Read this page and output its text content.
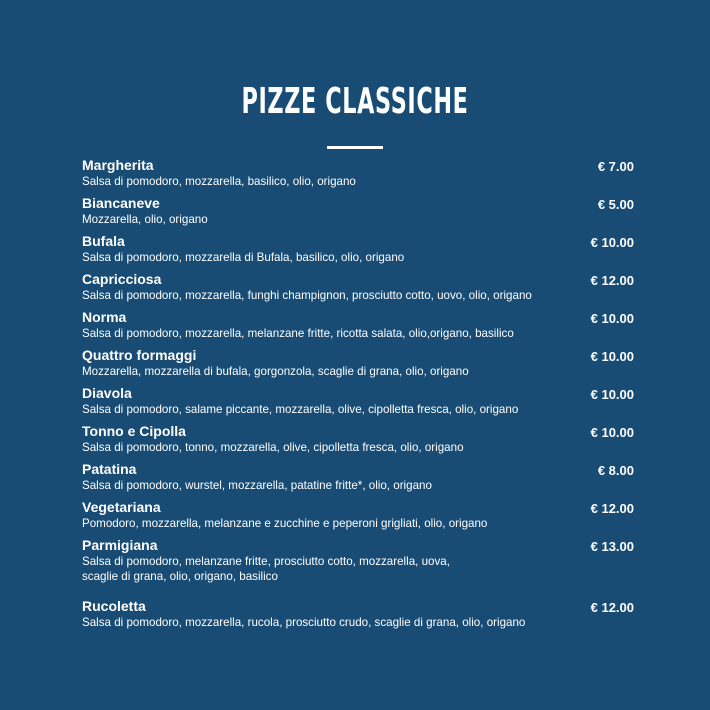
PIZZE CLASSICHE
Margherita
Salsa di pomodoro, mozzarella, basilico, olio, origano
€ 7.00
Biancaneve
Mozzarella, olio, origano
€ 5.00
Bufala
Salsa di pomodoro, mozzarella di Bufala, basilico, olio, origano
€ 10.00
Capricciosa
Salsa di pomodoro, mozzarella, funghi champignon, prosciutto cotto, uovo, olio, origano
€ 12.00
Norma
Salsa di pomodoro, mozzarella, melanzane fritte, ricotta salata, olio,origano, basilico
€ 10.00
Quattro formaggi
Mozzarella, mozzarella di bufala, gorgonzola, scaglie di grana, olio, origano
€ 10.00
Diavola
Salsa di pomodoro, salame piccante, mozzarella, olive, cipolletta fresca, olio, origano
€ 10.00
Tonno e Cipolla
Salsa di pomodoro, tonno, mozzarella, olive, cipolletta fresca, olio, origano
€ 10.00
Patatina
Salsa di pomodoro, wurstel, mozzarella, patatine fritte*, olio, origano
€ 8.00
Vegetariana
Pomodoro, mozzarella, melanzane e zucchine e peperoni grigliati, olio, origano
€ 12.00
Parmigiana
Salsa di pomodoro, melanzane fritte, prosciutto cotto, mozzarella, uova, scaglie di grana, olio, origano, basilico
€ 13.00
Rucoletta
Salsa di pomodoro, mozzarella, rucola, prosciutto crudo, scaglie di grana, olio, origano
€ 12.00
